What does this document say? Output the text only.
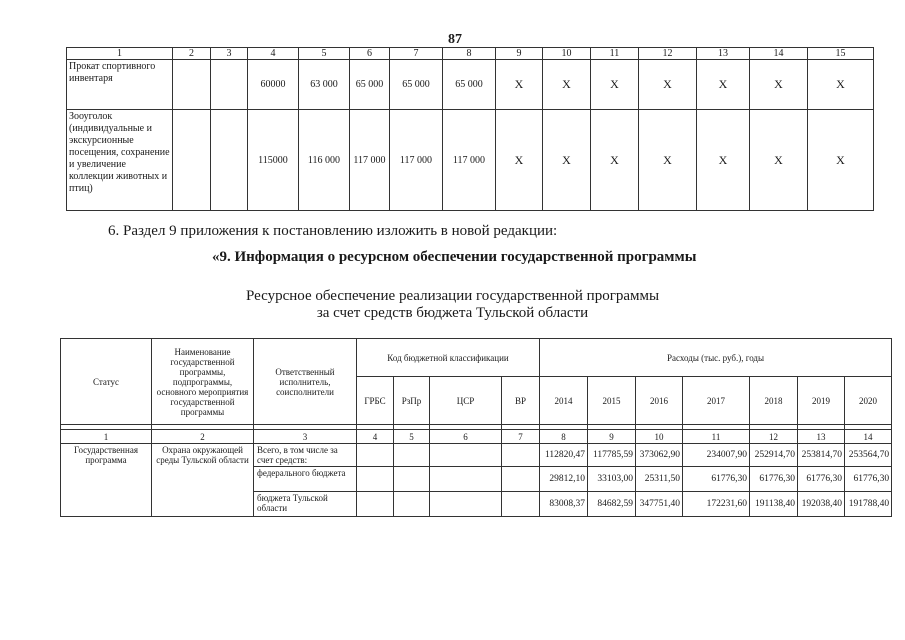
87
1	2	3	4	5	6	7	8	9	10	11	12	13	14	15
Прокат спортивного инвентаря			60000	63 000	65 000	65 000	65 000	X	X	X	X	X	X	X
Зооуголок (индивидуальные и экскурсионные посещения, сохранение и увеличение коллекции животных и птиц)			115000	116 000	117 000	117 000	117 000	X	X	X	X	X	X	X
6. Раздел 9 приложения к постановлению изложить в новой редакции:
«9. Информация о ресурсном обеспечении государственной программы
Ресурсное обеспечение реализации государственной программы
за счет средств бюджета Тульской области
Статус	Наименование государственной программы, подпрограммы, основного мероприятия государственной программы	Ответственный исполнитель, соисполнители	Код бюджетной классификации				Расходы (тыс. руб.), годы						
			ГРБС	РзПр	ЦСР	ВР	2014	2015	2016	2017	2018	2019	2020

1	2	3	4	5	6	7	8	9	10	11	12	13	14
Государственная программа	Охрана окружающей среды Тульской области	Всего, в том числе за счет средств:					112820,47	117785,59	373062,90	234007,90	252914,70	253814,70	253564,70
		федерального бюджета					29812,10	33103,00	25311,50	61776,30	61776,30	61776,30	61776,30
		бюджета Тульской области					83008,37	84682,59	347751,40	172231,60	191138,40	192038,40	191788,40
